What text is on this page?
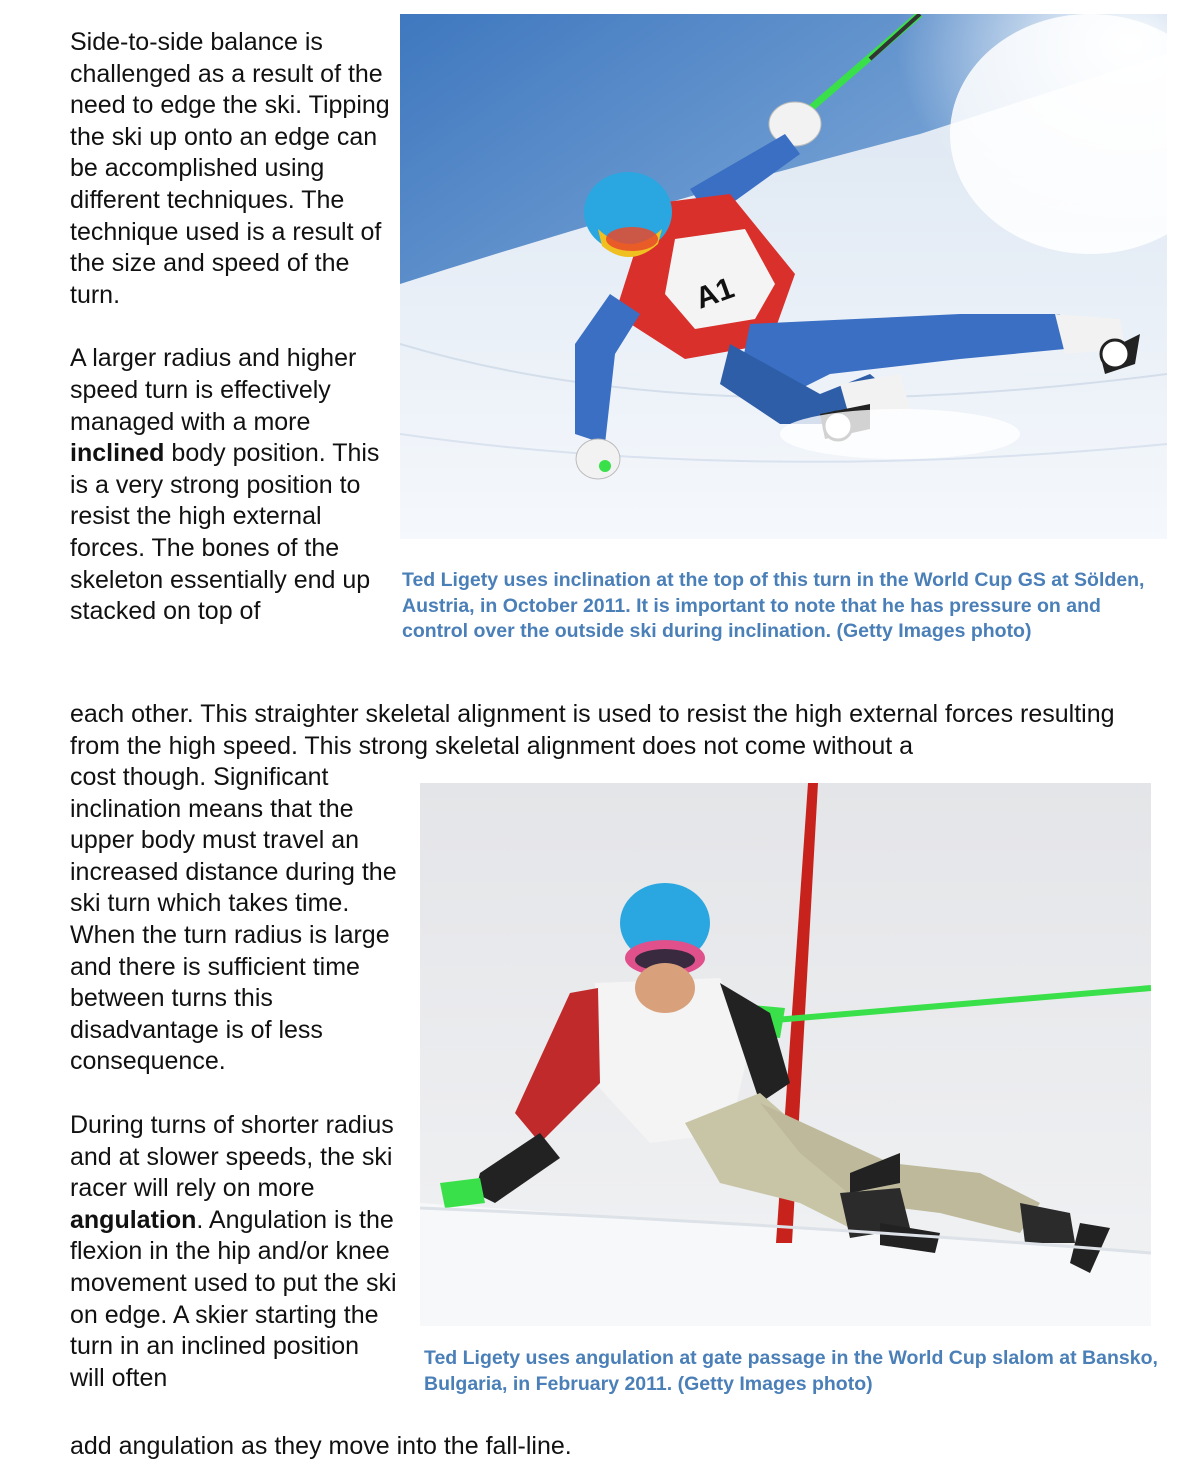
Side-to-side balance is challenged as a result of the need to edge the ski. Tipping the ski up onto an edge can be accomplished using different techniques. The technique used is a result of the size and speed of the turn.

A larger radius and higher speed turn is effectively managed with a more inclined body position. This is a very strong position to resist the high external forces. The bones of the skeleton essentially end up stacked on top of

A1

Ted Ligety uses inclination at the top of this turn in the World Cup GS at Sölden, Austria, in October 2011. It is important to note that he has pressure on and control over the outside ski during inclination. (Getty Images photo)

each other. This straighter skeletal alignment is used to resist the high external forces resulting from the high speed. This strong skeletal alignment does not come without a

cost though. Significant inclination means that the upper body must travel an increased distance during the ski turn which takes time. When the turn radius is large and there is sufficient time between turns this disadvantage is of less consequence.

During turns of shorter radius and at slower speeds, the ski racer will rely on more angulation. Angulation is the flexion in the hip and/or knee movement used to put the ski on edge. A skier starting the turn in an inclined position will often

Ted Ligety uses angulation at gate passage in the World Cup slalom at Bansko, Bulgaria, in February 2011. (Getty Images photo)

add angulation as they move into the fall-line.
